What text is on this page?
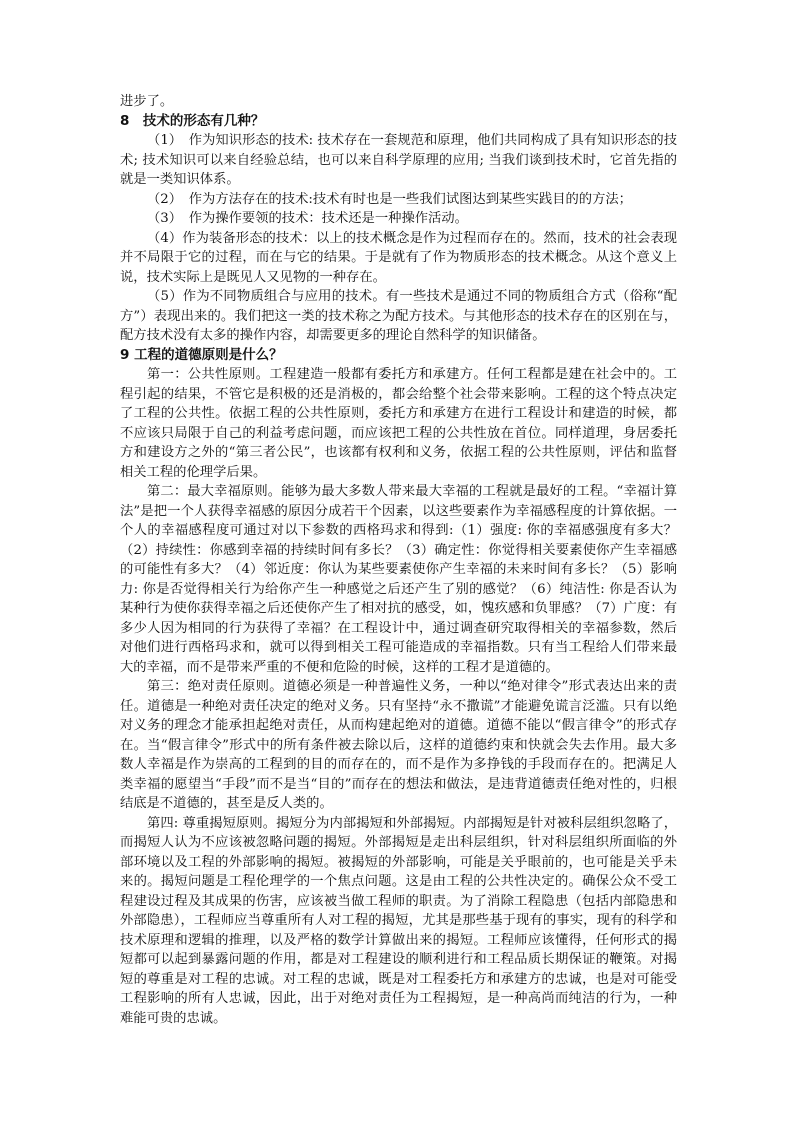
进步了。

8　技术的形态有几种？

（1）　作为知识形态的技术: 技术存在一套规范和原理，他们共同构成了具有知识形态的技术; 技术知识可以来自经验总结，也可以来自科学原理的应用; 当我们谈到技术时，它首先指的就是一类知识体系。

（2）　作为方法存在的技术:技术有时也是一些我们试图达到某些实践目的的方法；

（3）　作为操作要领的技术：技术还是一种操作活动。

（4）作为装备形态的技术：以上的技术概念是作为过程而存在的。然而，技术的社会表现并不局限于它的过程，而在与它的结果。于是就有了作为物质形态的技术概念。从这个意义上说，技术实际上是既见人又见物的一种存在。

（5）作为不同物质组合与应用的技术。有一些技术是通过不同的物质组合方式（俗称“配方”）表现出来的。我们把这一类的技术称之为配方技术。与其他形态的技术存在的区别在与，配方技术没有太多的操作内容，却需要更多的理论自然科学的知识储备。

9 工程的道德原则是什么？

第一：公共性原则。工程建造一般都有委托方和承建方。任何工程都是建在社会中的。工程引起的结果，不管它是积极的还是消极的，都会给整个社会带来影响。工程的这个特点决定了工程的公共性。依据工程的公共性原则，委托方和承建方在进行工程设计和建造的时候，都不应该只局限于自己的利益考虑问题，而应该把工程的公共性放在首位。同样道理，身居委托方和建设方之外的“第三者公民”，也该都有权利和义务，依据工程的公共性原则，评估和监督相关工程的伦理学后果。

第二：最大幸福原则。能够为最大多数人带来最大幸福的工程就是最好的工程。“幸福计算法”是把一个人获得幸福感的原因分成若干个因素，以这些要素作为幸福感程度的计算依据。一个人的幸福感程度可通过对以下参数的西格玛求和得到:（1）强度: 你的幸福感强度有多大？（2）持续性：你感到幸福的持续时间有多长？（3）确定性：你觉得相关要素使你产生幸福感的可能性有多大？（4）邻近度：你认为某些要素使你产生幸福的未来时间有多长？（5）影响力: 你是否觉得相关行为给你产生一种感觉之后还产生了别的感觉？（6）纯洁性: 你是否认为某种行为使你获得幸福之后还使你产生了相对抗的感受，如，愧疚感和负罪感？（7）广度：有多少人因为相同的行为获得了幸福？在工程设计中，通过调查研究取得相关的幸福参数，然后对他们进行西格玛求和，就可以得到相关工程可能造成的幸福指数。只有当工程给人们带来最大的幸福，而不是带来严重的不便和危险的时候，这样的工程才是道德的。

第三：绝对责任原则。道德必须是一种普遍性义务，一种以“绝对律令”形式表达出来的责任。道德是一种绝对责任决定的绝对义务。只有坚持“永不撒谎”才能避免谎言泛滥。只有以绝对义务的理念才能承担起绝对责任，从而构建起绝对的道德。道德不能以“假言律令”的形式存在。当“假言律令”形式中的所有条件被去除以后，这样的道德约束和快就会失去作用。最大多数人幸福是作为崇高的工程到的目的而存在的，而不是作为多挣钱的手段而存在的。把满足人类幸福的愿望当“手段”而不是当“目的”而存在的想法和做法，是违背道德责任绝对性的，归根结底是不道德的，甚至是反人类的。

第四: 尊重揭短原则。揭短分为内部揭短和外部揭短。内部揭短是针对被科层组织忽略了，而揭短人认为不应该被忽略问题的揭短。外部揭短是走出科层组织，针对科层组织所面临的外部环境以及工程的外部影响的揭短。被揭短的外部影响，可能是关乎眼前的，也可能是关乎未来的。揭短问题是工程伦理学的一个焦点问题。这是由工程的公共性决定的。确保公众不受工程建设过程及其成果的伤害，应该被当做工程师的职责。为了消除工程隐患（包括内部隐患和外部隐患），工程师应当尊重所有人对工程的揭短，尤其是那些基于现有的事实，现有的科学和技术原理和逻辑的推理，以及严格的数学计算做出来的揭短。工程师应该懂得，任何形式的揭短都可以起到暴露问题的作用，都是对工程建设的顺利进行和工程品质长期保证的鞭策。对揭短的尊重是对工程的忠诚。对工程的忠诚，既是对工程委托方和承建方的忠诚，也是对可能受工程影响的所有人忠诚，因此，出于对绝对责任为工程揭短，是一种高尚而纯洁的行为，一种难能可贵的忠诚。
